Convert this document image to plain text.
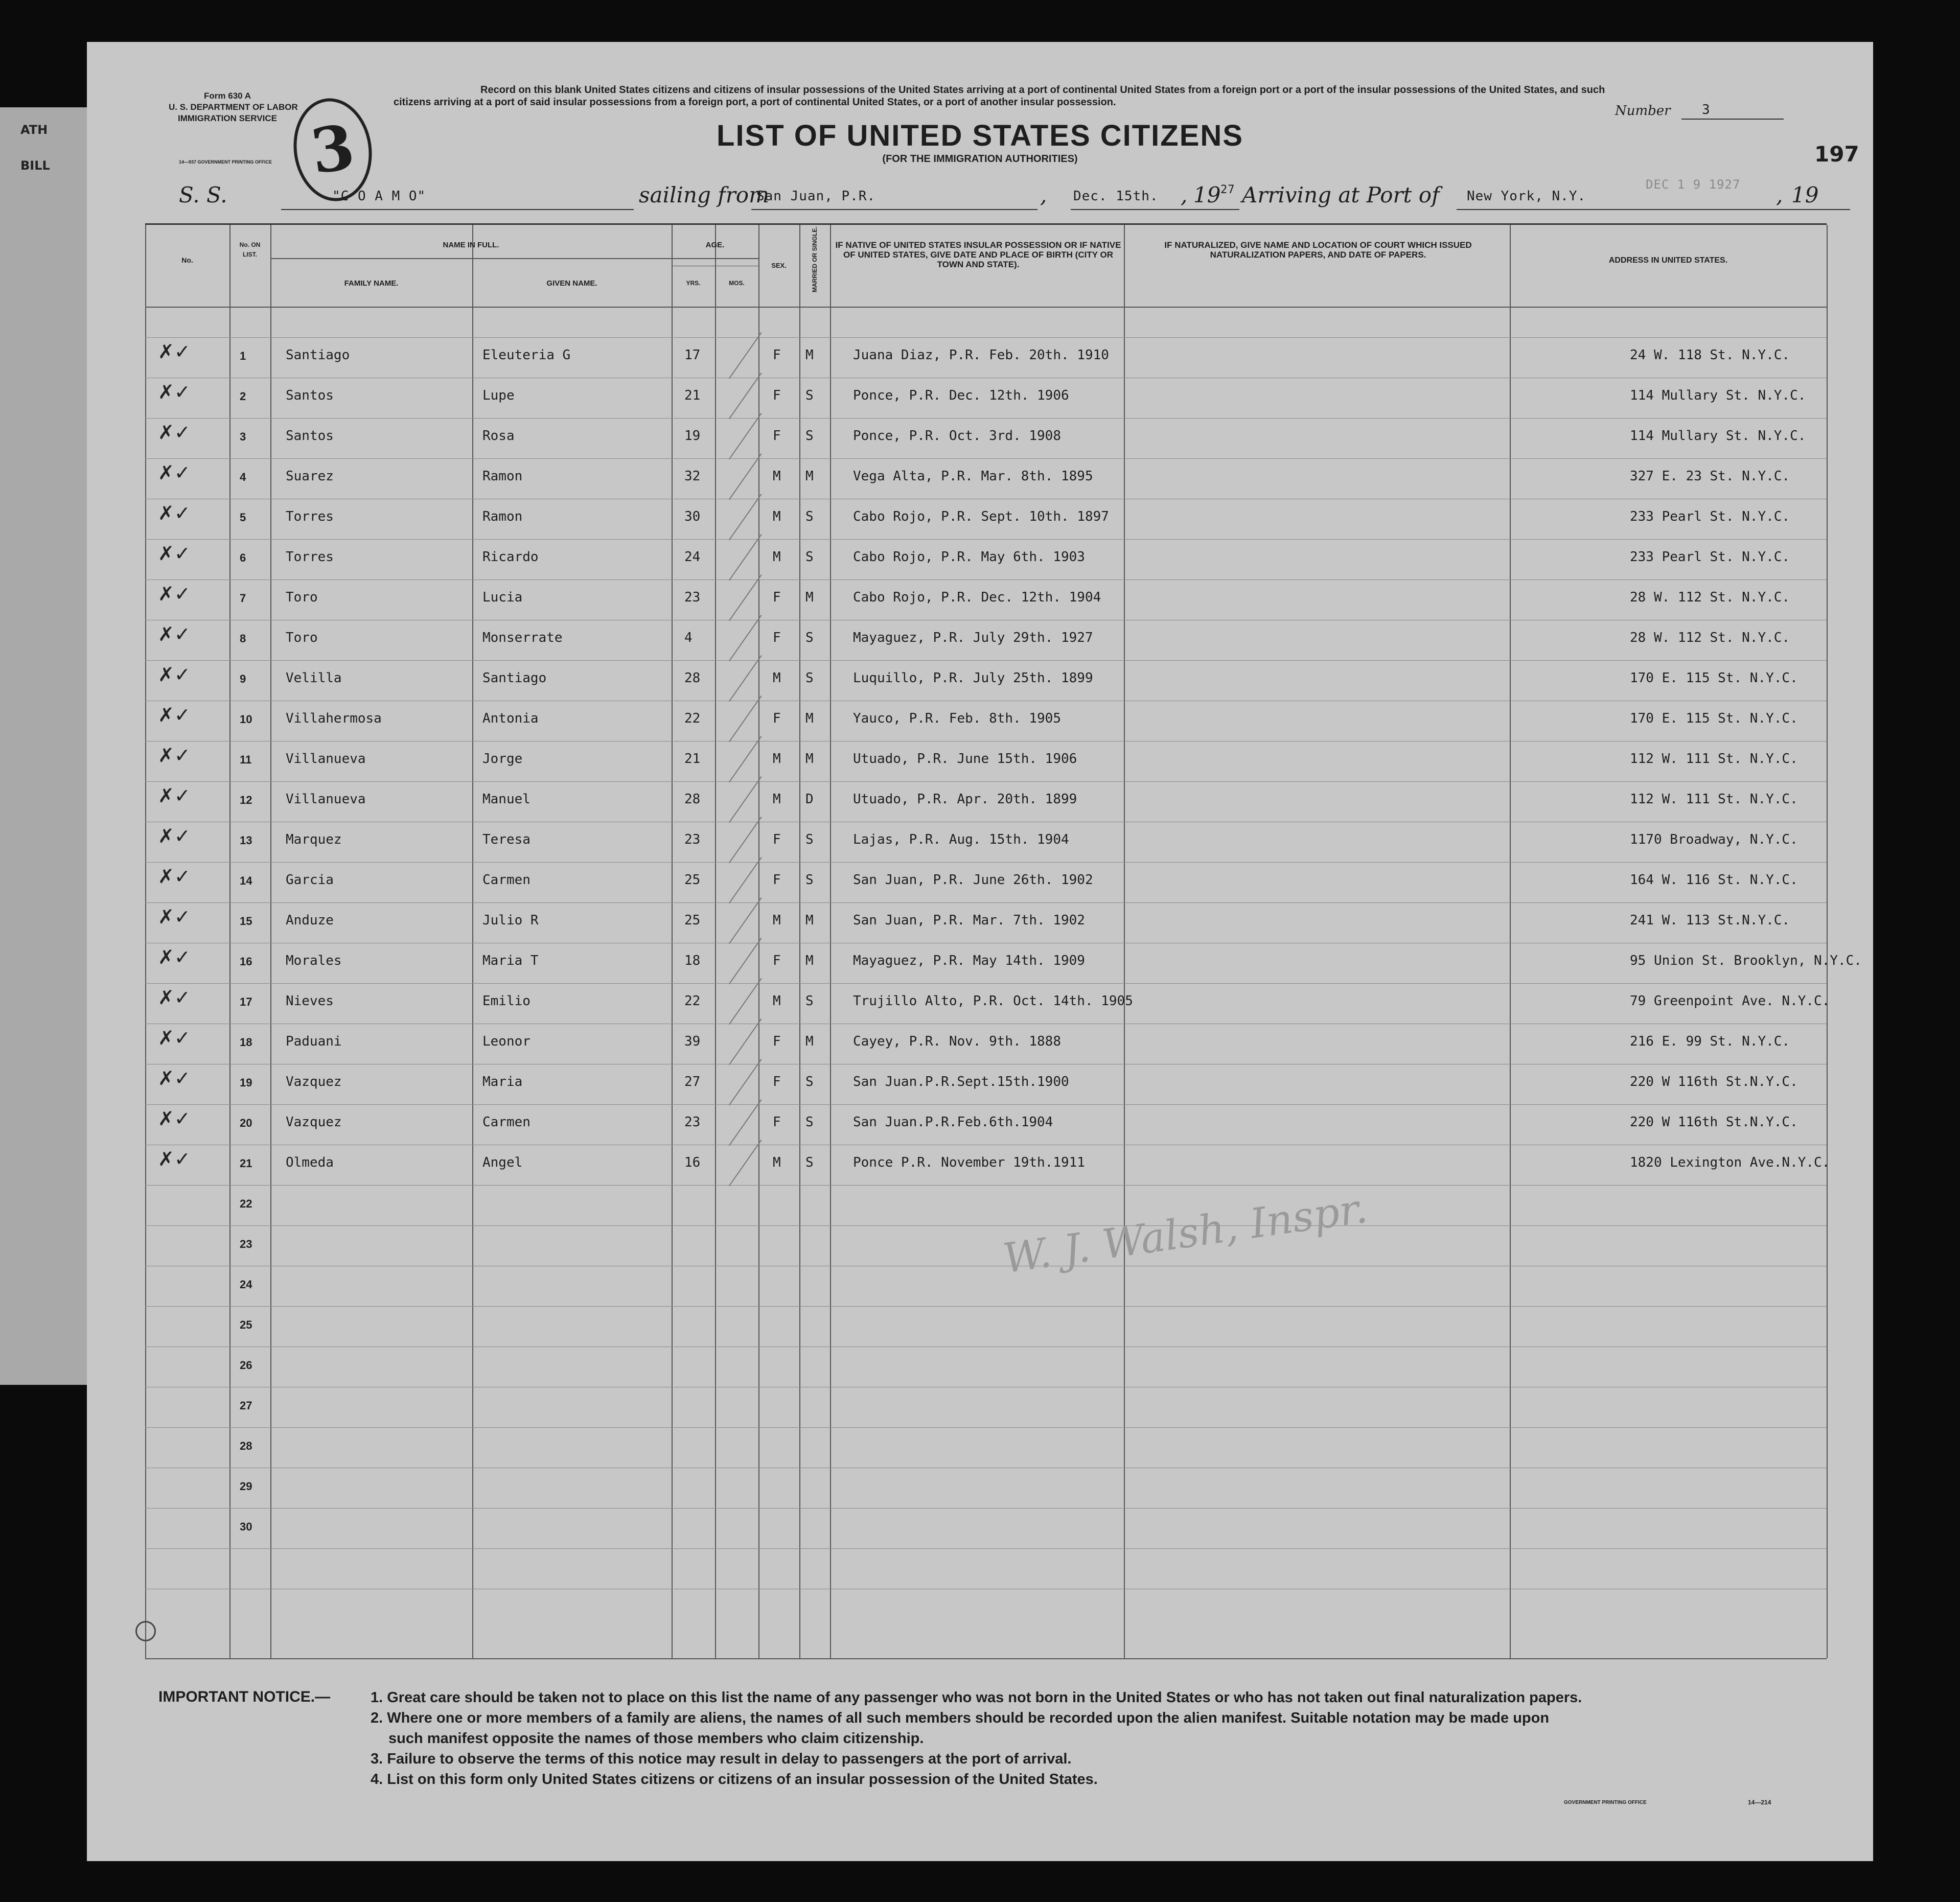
ATH
BILL
Form 630 A
U. S. DEPARTMENT OF LABOR
IMMIGRATION SERVICE 3
14—937 GOVERNMENT PRINTING OFFICE
Record on this blank United States citizens and citizens of insular possessions of the United States arriving at a port of continental United States from a foreign port or a port of the insular possessions of the United States, and such citizens arriving at a port of said insular possessions from a foreign port, a port of continental United States, or a port of another insular possession.
LIST OF UNITED STATES CITIZENS
(FOR THE IMMIGRATION AUTHORITIES)
Number 3
197
S. S.	"C O A M O"	sailing from
San Juan, P.R.	, Dec. 15th. , 19 27 Arriving at Port of New York, N.Y.
DEC 1 9 1927 , 19
No.
No. ON LIST.
NAME IN FULL.
FAMILY NAME.	GIVEN NAME.
AGE.
YRS.	MOS.
SEX.	MARRIED OR SINGLE. IF NATIVE OF UNITED STATES INSULAR POSSESSION OR IF NATIVE OF UNITED STATES, GIVE DATE AND PLACE OF BIRTH (CITY OR TOWN AND STATE).
IF NATURALIZED, GIVE NAME AND LOCATION OF COURT WHICH ISSUED NATURALIZATION PAPERS, AND DATE OF PAPERS.
ADDRESS IN UNITED STATES.
✗✓	1	Santiago	Eleuteria G	17	F M	Juana Diaz, P.R. Feb. 20th. 1910	24 W. 118 St. N.Y.C.
✗✓	2	Santos	Lupe	21	F S	Ponce, P.R. Dec. 12th. 1906	114 Mullary St. N.Y.C.
✗✓	3	Santos	Rosa	19	F S	Ponce, P.R. Oct. 3rd. 1908	114 Mullary St. N.Y.C.
✗✓	4	Suarez	Ramon	32	M M	Vega Alta, P.R. Mar. 8th. 1895	327 E. 23 St. N.Y.C.
✗✓	5	Torres	Ramon	30	M S	Cabo Rojo, P.R. Sept. 10th. 1897	233 Pearl St. N.Y.C.
✗✓	6	Torres	Ricardo	24	M S	Cabo Rojo, P.R. May 6th. 1903	233 Pearl St. N.Y.C.
✗✓	7	Toro	Lucia	23	F M	Cabo Rojo, P.R. Dec. 12th. 1904	28 W. 112 St. N.Y.C.
✗✓	8	Toro	Monserrate	4	F S	Mayaguez, P.R. July 29th. 1927	28 W. 112 St. N.Y.C.
✗✓	9	Velilla	Santiago	28	M S	Luquillo, P.R. July 25th. 1899	170 E. 115 St. N.Y.C.
✗✓	10	Villahermosa	Antonia	22	F M	Yauco, P.R. Feb. 8th. 1905	170 E. 115 St. N.Y.C.
✗✓	11	Villanueva	Jorge	21	M M	Utuado, P.R. June 15th. 1906	112 W. 111 St. N.Y.C.
✗✓	12	Villanueva	Manuel	28	M D	Utuado, P.R. Apr. 20th. 1899	112 W. 111 St. N.Y.C.
✗✓	13	Marquez	Teresa	23	F S	Lajas, P.R. Aug. 15th. 1904	1170 Broadway, N.Y.C.
✗✓	14	Garcia	Carmen	25	F S	San Juan, P.R. June 26th. 1902	164 W. 116 St. N.Y.C.
✗✓	15	Anduze	Julio R	25	M M	San Juan, P.R. Mar. 7th. 1902	241 W. 113 St.N.Y.C.
✗✓	16	Morales	Maria T	18	F M	Mayaguez, P.R. May 14th. 1909	95 Union St. Brooklyn, N.Y.C.
✗✓	17	Nieves	Emilio	22	M S	Trujillo Alto, P.R. Oct. 14th. 1905	79 Greenpoint Ave. N.Y.C.
✗✓	18	Paduani	Leonor	39	F M	Cayey, P.R. Nov. 9th. 1888	216 E. 99 St. N.Y.C.
✗✓	19	Vazquez	Maria	27	F S	San Juan.P.R.Sept.15th.1900	220 W 116th St.N.Y.C.
✗✓	20	Vazquez	Carmen	23	F S	San Juan.P.R.Feb.6th.1904	220 W 116th St.N.Y.C.
✗✓	21	Olmeda	Angel	16	M S	Ponce P.R. November 19th.1911	1820 Lexington Ave.N.Y.C.
22
23
24
25
26
27
28
29
30
W. J. Walsh, Inspr.
IMPORTANT NOTICE.—	1. Great care should be taken not to place on this list the name of any passenger who was not born in the United States or who has not taken out final naturalization papers.
2. Where one or more members of a family are aliens, the names of all such members should be recorded upon the alien manifest. Suitable notation may be made upon
such manifest opposite the names of those members who claim citizenship.
3. Failure to observe the terms of this notice may result in delay to passengers at the port of arrival.
4. List on this form only United States citizens or citizens of an insular possession of the United States.
GOVERNMENT PRINTING OFFICE	14—214
